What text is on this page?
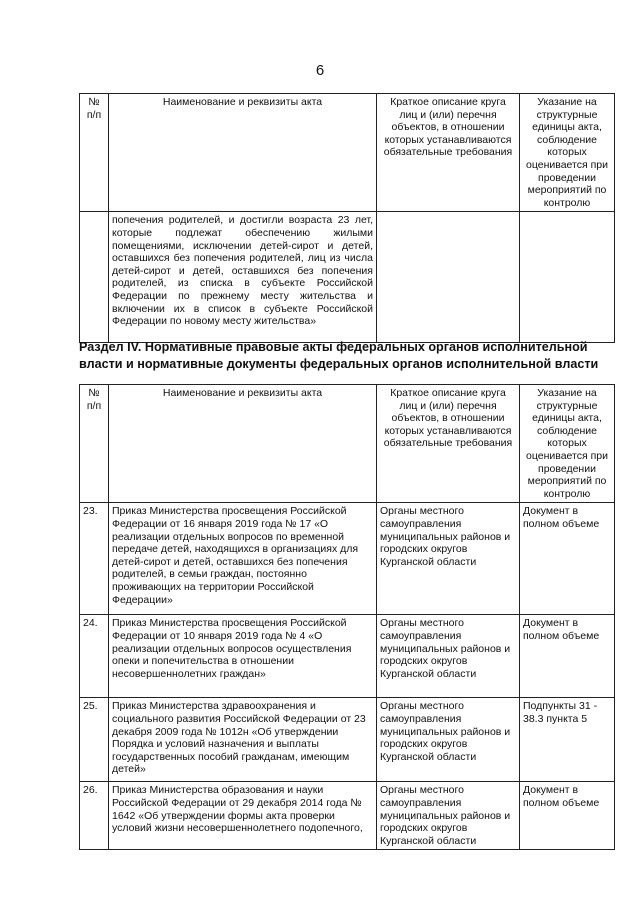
6
№ п/п	Наименование и реквизиты акта	Краткое описание круга лиц и (или) перечня объектов, в отношении которых устанавливаются обязательные требования	Указание на структурные единицы акта, соблюдение которых оценивается при проведении мероприятий по контролю
	попечения родителей, и достигли возраста 23 лет, которые подлежат обеспечению жилыми помещениями, исключении детей-сирот и детей, оставшихся без попечения родителей, лиц из числа детей-сирот и детей, оставшихся без попечения родителей, из списка в субъекте Российской Федерации по прежнему месту жительства и включении их в список в субъекте Российской Федерации по новому месту жительства»		
Раздел IV. Нормативные правовые акты федеральных органов исполнительной власти и нормативные документы федеральных органов исполнительной власти
№ п/п	Наименование и реквизиты акта	Краткое описание круга лиц и (или) перечня объектов, в отношении которых устанавливаются обязательные требования	Указание на структурные единицы акта, соблюдение которых оценивается при проведении мероприятий по контролю
23.	Приказ Министерства просвещения Российской Федерации от 16 января 2019 года № 17 «О реализации отдельных вопросов по временной передаче детей, находящихся в организациях для детей-сирот и детей, оставшихся без попечения родителей, в семьи граждан, постоянно проживающих на территории Российской Федерации»	Органы местного самоуправления муниципальных районов и городских округов Курганской области	Документ в полном объеме
24.	Приказ Министерства просвещения Российской Федерации от 10 января 2019 года № 4 «О реализации отдельных вопросов осуществления опеки и попечительства в отношении несовершеннолетних граждан»	Органы местного самоуправления муниципальных районов и городских округов Курганской области	Документ в полном объеме
25.	Приказ Министерства здравоохранения и социального развития Российской Федерации от 23 декабря 2009 года № 1012н «Об утверждении Порядка и условий назначения и выплаты государственных пособий гражданам, имеющим детей»	Органы местного самоуправления муниципальных районов и городских округов Курганской области	Подпункты 31 - 38.3 пункта 5
26.	Приказ Министерства образования и науки Российской Федерации от 29 декабря 2014 года № 1642 «Об утверждении формы акта проверки условий жизни несовершеннолетнего подопечного,	Органы местного самоуправления муниципальных районов и городских округов Курганской области	Документ в полном объеме
